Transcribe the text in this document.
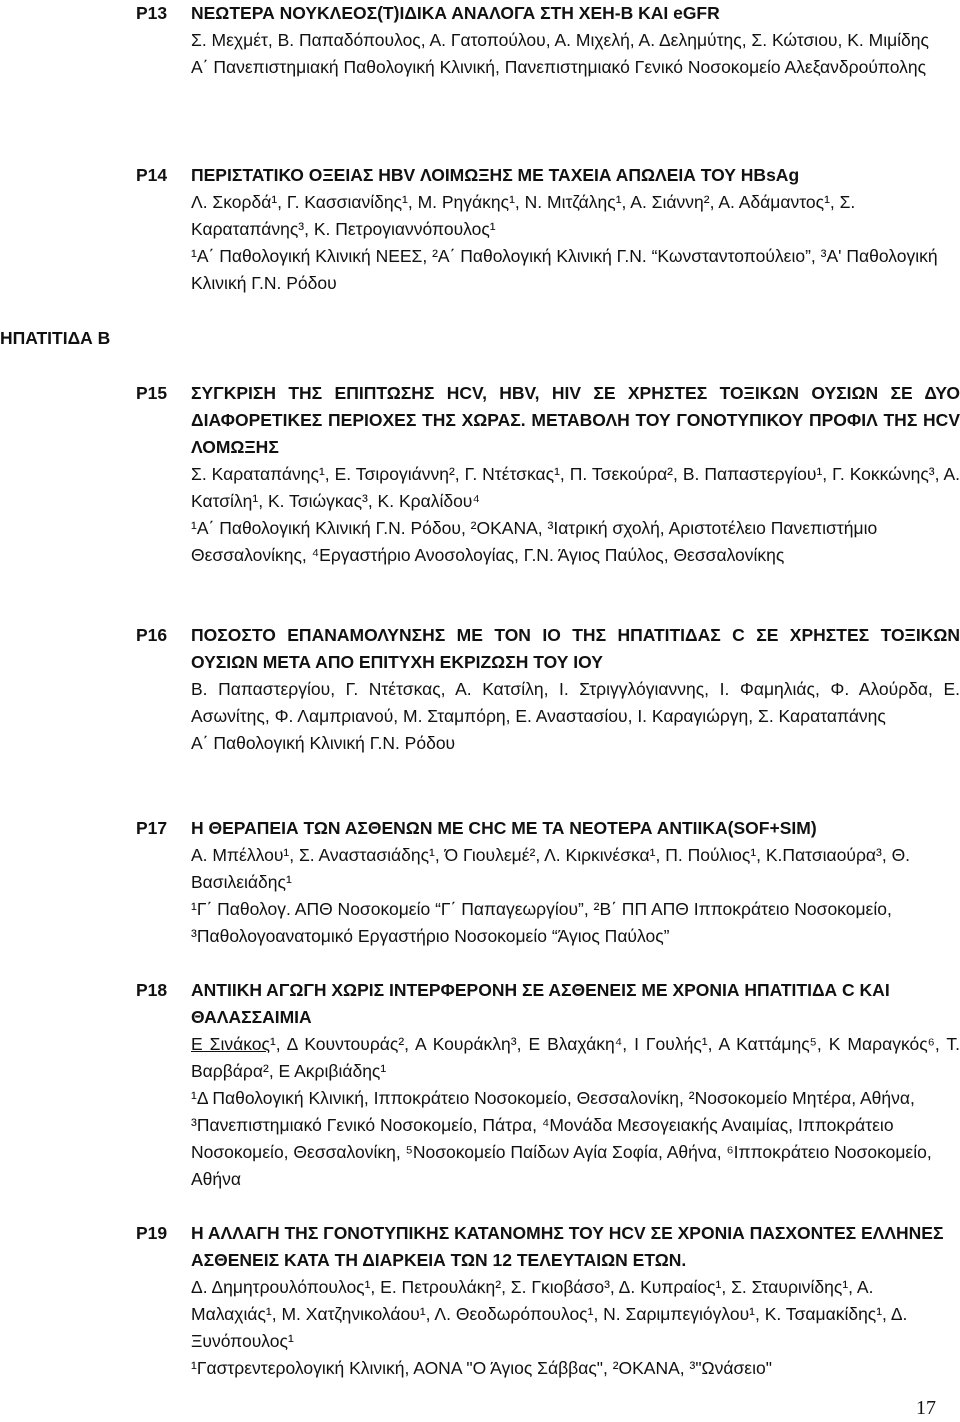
P13 ΝΕΩΤΕΡΑ ΝΟΥΚΛΕΟΣ(Τ)ΙΔΙΚΑ ΑΝΑΛΟΓΑ ΣΤΗ ΧΕΗ-Β ΚΑΙ eGFR

Σ. Μεχμέτ, Β. Παπαδόπουλος, Α. Γατοπούλου, Α. Μιχελή, Α. Δελημύτης, Σ. Κώτσιου, Κ. Μιμίδης

Α΄ Πανεπιστημιακή Παθολογική Κλινική, Πανεπιστημιακό Γενικό Νοσοκομείο Αλεξανδρούπολης

P14 ΠΕΡΙΣΤΑΤΙΚΟ ΟΞΕΙΑΣ HBV ΛΟΙΜΩΞΗΣ ΜΕ ΤΑΧΕΙΑ ΑΠΩΛΕΙΑ ΤΟΥ HBsAg

Λ. Σκορδά¹, Γ. Κασσιανίδης¹, Μ. Ρηγάκης¹, Ν. Μιτζάλης¹, Α. Σιάννη², Α. Αδάμαντος¹, Σ. Καραταπάνης³, Κ. Πετρογιαννόπουλος¹

¹Α΄ Παθολογική Κλινική ΝΕΕΣ, ²Α΄ Παθολογική Κλινική Γ.Ν. “Κωνσταντοπούλειο”, ³Α' Παθολογική Κλινική Γ.Ν. Ρόδου

ΗΠΑΤΙΤΙΔΑ Β
P15 ΣΥΓΚΡΙΣΗ ΤΗΣ ΕΠΙΠΤΩΣΗΣ HCV, HBV, HIV ΣΕ ΧΡΗΣΤΕΣ ΤΟΞΙΚΩΝ ΟΥΣΙΩΝ ΣΕ ΔΥΟ ΔΙΑΦΟΡΕΤΙΚΕΣ ΠΕΡΙΟΧΕΣ ΤΗΣ ΧΩΡΑΣ. ΜΕΤΑΒΟΛΗ ΤΟΥ ΓΟΝΟΤΥΠΙΚΟΥ ΠΡΟΦΙΛ ΤΗΣ HCV ΛΟΜΩΞΗΣ

Σ. Καραταπάνης¹, Ε. Τσιρογιάννη², Γ. Ντέτσκας¹, Π. Τσεκούρα², Β. Παπαστεργίου¹, Γ. Κοκκώνης³, Α. Κατσίλη¹, Κ. Τσιώγκας³, Κ. Κραλίδου⁴

¹Α΄ Παθολογική Κλινική Γ.Ν. Ρόδου, ²ΟΚΑΝΑ, ³Ιατρική σχολή, Αριστοτέλειο Πανεπιστήμιο Θεσσαλονίκης, ⁴Εργαστήριο Ανοσολογίας, Γ.Ν. Άγιος Παύλος, Θεσσαλονίκης

P16 ΠΟΣΟΣΤΟ ΕΠΑΝΑΜΟΛΥΝΣΗΣ ΜΕ ΤΟΝ ΙΟ ΤΗΣ ΗΠΑΤΙΤΙΔΑΣ C ΣΕ ΧΡΗΣΤΕΣ ΤΟΞΙΚΩΝ ΟΥΣΙΩΝ ΜΕΤΑ ΑΠΟ ΕΠΙΤΥΧΗ ΕΚΡΙΖΩΣΗ ΤΟΥ ΙΟΥ

Β. Παπαστεργίου, Γ. Ντέτσκας, Α. Κατσίλη, Ι. Στριγγλόγιαννης, Ι. Φαμηλιάς, Φ. Αλούρδα, Ε. Ασωνίτης, Φ. Λαμπριανού, Μ. Σταμπόρη, Ε. Αναστασίου, Ι. Καραγιώργη, Σ. Καραταπάνης

Α΄ Παθολογική Κλινική Γ.Ν. Ρόδου

P17 Η ΘΕΡΑΠΕΙΑ ΤΩΝ ΑΣΘΕΝΩΝ ΜΕ CHC ΜΕ ΤΑ ΝΕΟΤΕΡΑ ΑΝΤΙΙΚΑ(SOF+SIM)

Α. Μπέλλου¹, Σ. Αναστασιάδης¹, Ό Γιουλεμέ², Λ. Κιρκινέσκα¹, Π. Πούλιος¹, Κ.Πατσιαούρα³, Θ. Βασιλειάδης¹

¹Γ΄ Παθολογ. ΑΠΘ Νοσοκομείο “Γ΄ Παπαγεωργίου”, ²Β΄ ΠΠ ΑΠΘ Ιπποκράτειο Νοσοκομείο, ³Παθολογοανατομικό Εργαστήριο Νοσοκομείο “Άγιος Παύλος”

P18 ΑΝΤΙΙΚΗ ΑΓΩΓΗ ΧΩΡΙΣ ΙΝΤΕΡΦΕΡΟΝΗ ΣΕ ΑΣΘΕΝΕΙΣ ΜΕ ΧΡΟΝΙΑ ΗΠΑΤΙΤΙΔΑ C ΚΑΙ ΘΑΛΑΣΣΑΙΜΙΑ

Ε Σινάκος¹, Δ Κουντουράς², Α Κουράκλη³, Ε Βλαχάκη⁴, Ι Γουλής¹, Α Καττάμης⁵, Κ Μαραγκός⁶, Τ. Βαρβάρα², Ε Ακριβιάδης¹

¹Δ Παθολογική Κλινική, Ιπποκράτειο Νοσοκομείο, Θεσσαλονίκη, ²Νοσοκομείο Μητέρα, Αθήνα, ³Πανεπιστημιακό Γενικό Νοσοκομείο, Πάτρα, ⁴Μονάδα Μεσογειακής Αναιμίας, Ιπποκράτειο Νοσοκομείο, Θεσσαλονίκη, ⁵Νοσοκομείο Παίδων Αγία Σοφία, Αθήνα, ⁶Ιπποκράτειο Νοσοκομείο, Αθήνα

P19 Η ΑΛΛΑΓΗ ΤΗΣ ΓΟΝΟΤΥΠΙΚΗΣ ΚΑΤΑΝΟΜΗΣ ΤΟΥ HCV ΣΕ ΧΡΟΝΙΑ ΠΑΣΧΟΝΤΕΣ ΕΛΛΗΝΕΣ ΑΣΘΕΝΕΙΣ ΚΑΤΑ ΤΗ ΔΙΑΡΚΕΙΑ ΤΩΝ 12 ΤΕΛΕΥΤΑΙΩΝ ΕΤΩΝ.

Δ. Δημητρουλόπουλος¹, Ε. Πετρουλάκη², Σ. Γκιοβάσο³, Δ. Κυπραίος¹, Σ. Σταυρινίδης¹, Α. Μαλαχιάς¹, Μ. Χατζηνικολάου¹, Λ. Θεοδωρόπουλος¹, Ν. Σαριμπεγιόγλου¹, Κ. Τσαμακίδης¹, Δ. Ξυνόπουλος¹

¹Γαστρεντερολογική Κλινική, ΑΟΝΑ "Ο Άγιος Σάββας", ²ΟΚΑΝΑ, ³"Ωνάσειο"

17
